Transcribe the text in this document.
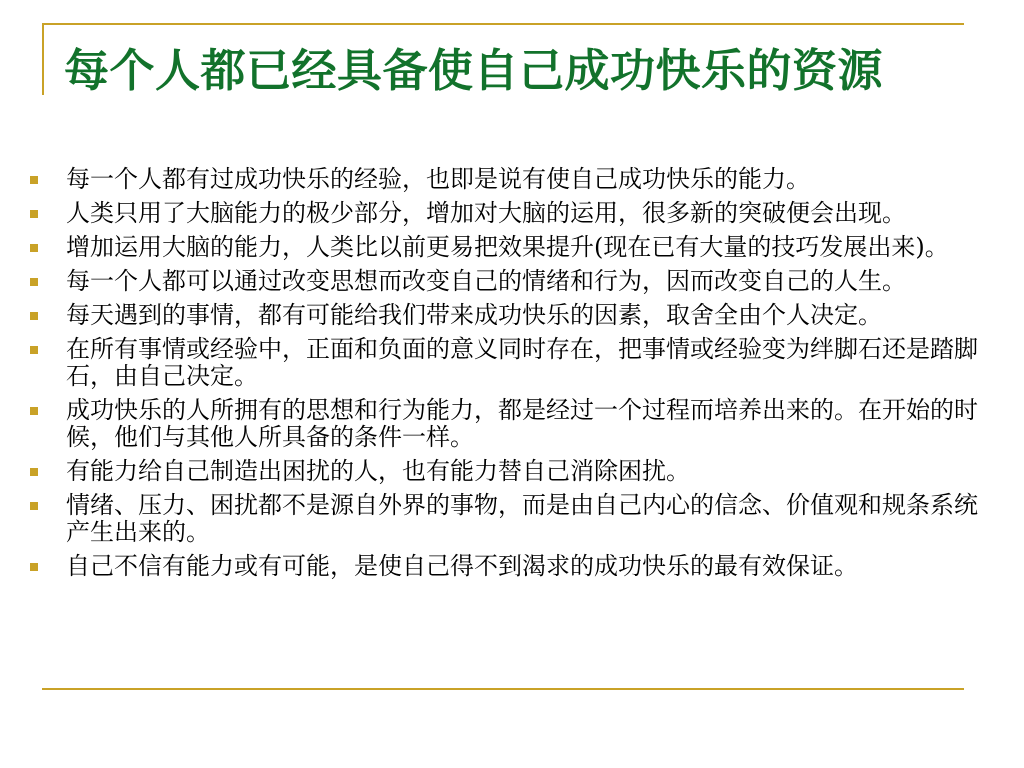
每个人都已经具备使自己成功快乐的资源
每一个人都有过成功快乐的经验，也即是说有使自己成功快乐的能力。
人类只用了大脑能力的极少部分，增加对大脑的运用，很多新的突破便会出现。
增加运用大脑的能力，人类比以前更易把效果提升(现在已有大量的技巧发展出来)。
每一个人都可以通过改变思想而改变自己的情绪和行为，因而改变自己的人生。
每天遇到的事情，都有可能给我们带来成功快乐的因素，取舍全由个人决定。
在所有事情或经验中，正面和负面的意义同时存在，把事情或经验变为绊脚石还是踏脚石，由自己决定。
成功快乐的人所拥有的思想和行为能力，都是经过一个过程而培养出来的。在开始的时候，他们与其他人所具备的条件一样。
有能力给自己制造出困扰的人，也有能力替自己消除困扰。
情绪、压力、困扰都不是源自外界的事物，而是由自己内心的信念、价值观和规条系统产生出来的。
自己不信有能力或有可能，是使自己得不到渴求的成功快乐的最有效保证。
